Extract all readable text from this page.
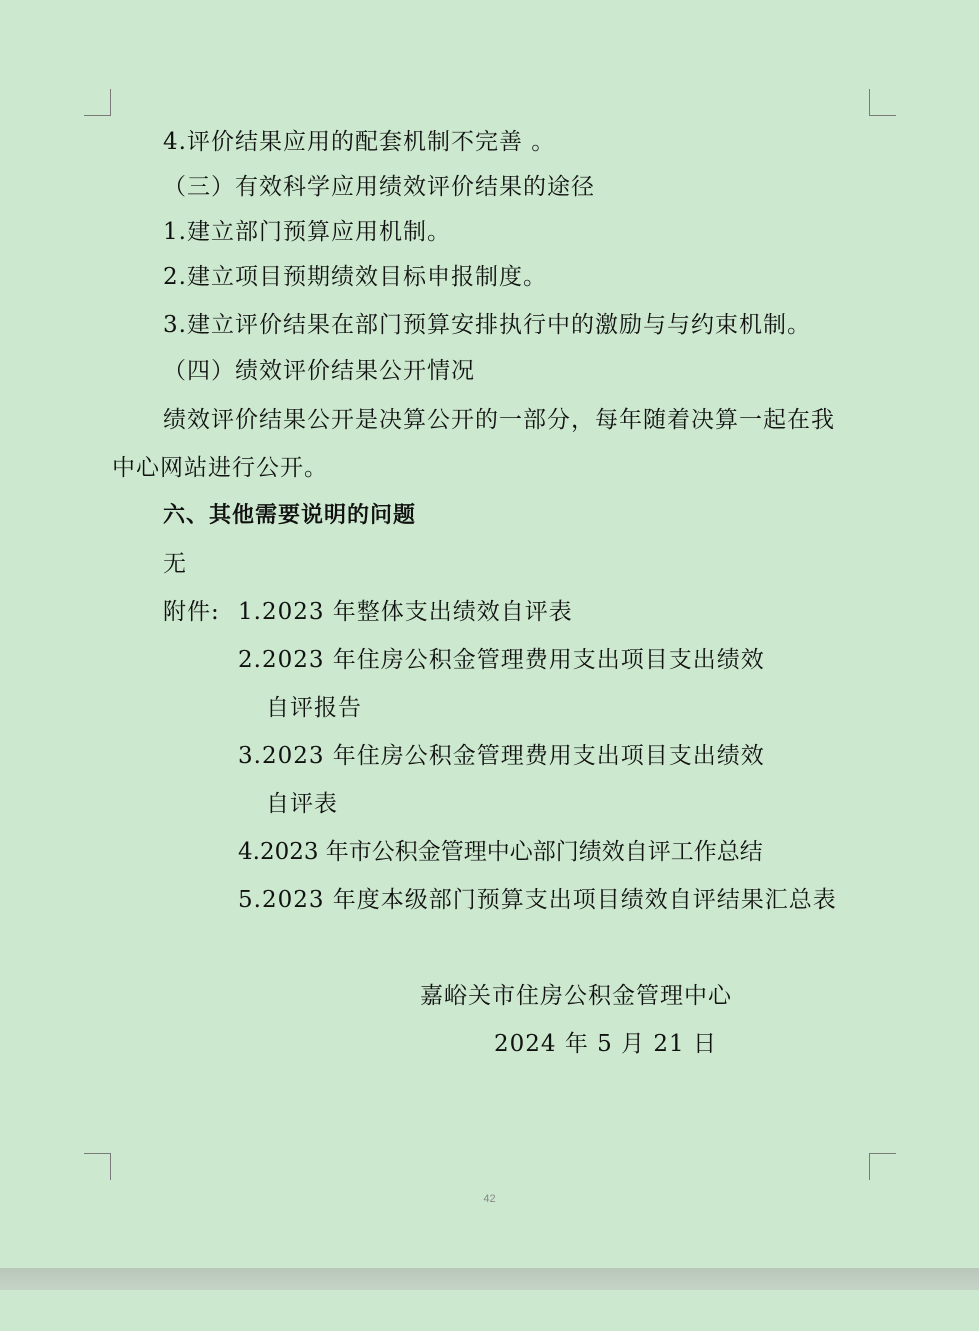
4.评价结果应用的配套机制不完善 。
（三）有效科学应用绩效评价结果的途径
1.建立部门预算应用机制。
2.建立项目预期绩效目标申报制度。
3.建立评价结果在部门预算安排执行中的激励与与约束机制。
（四）绩效评价结果公开情况
绩效评价结果公开是决算公开的一部分，每年随着决算一起在我
中心网站进行公开。
六、其他需要说明的问题
无
附件: 1.2023 年整体支出绩效自评表
2.2023 年住房公积金管理费用支出项目支出绩效
自评报告
3.2023 年住房公积金管理费用支出项目支出绩效
自评表
4.2023 年市公积金管理中心部门绩效自评工作总结
5.2023 年度本级部门预算支出项目绩效自评结果汇总表
嘉峪关市住房公积金管理中心
2024 年 5 月 21 日
42
